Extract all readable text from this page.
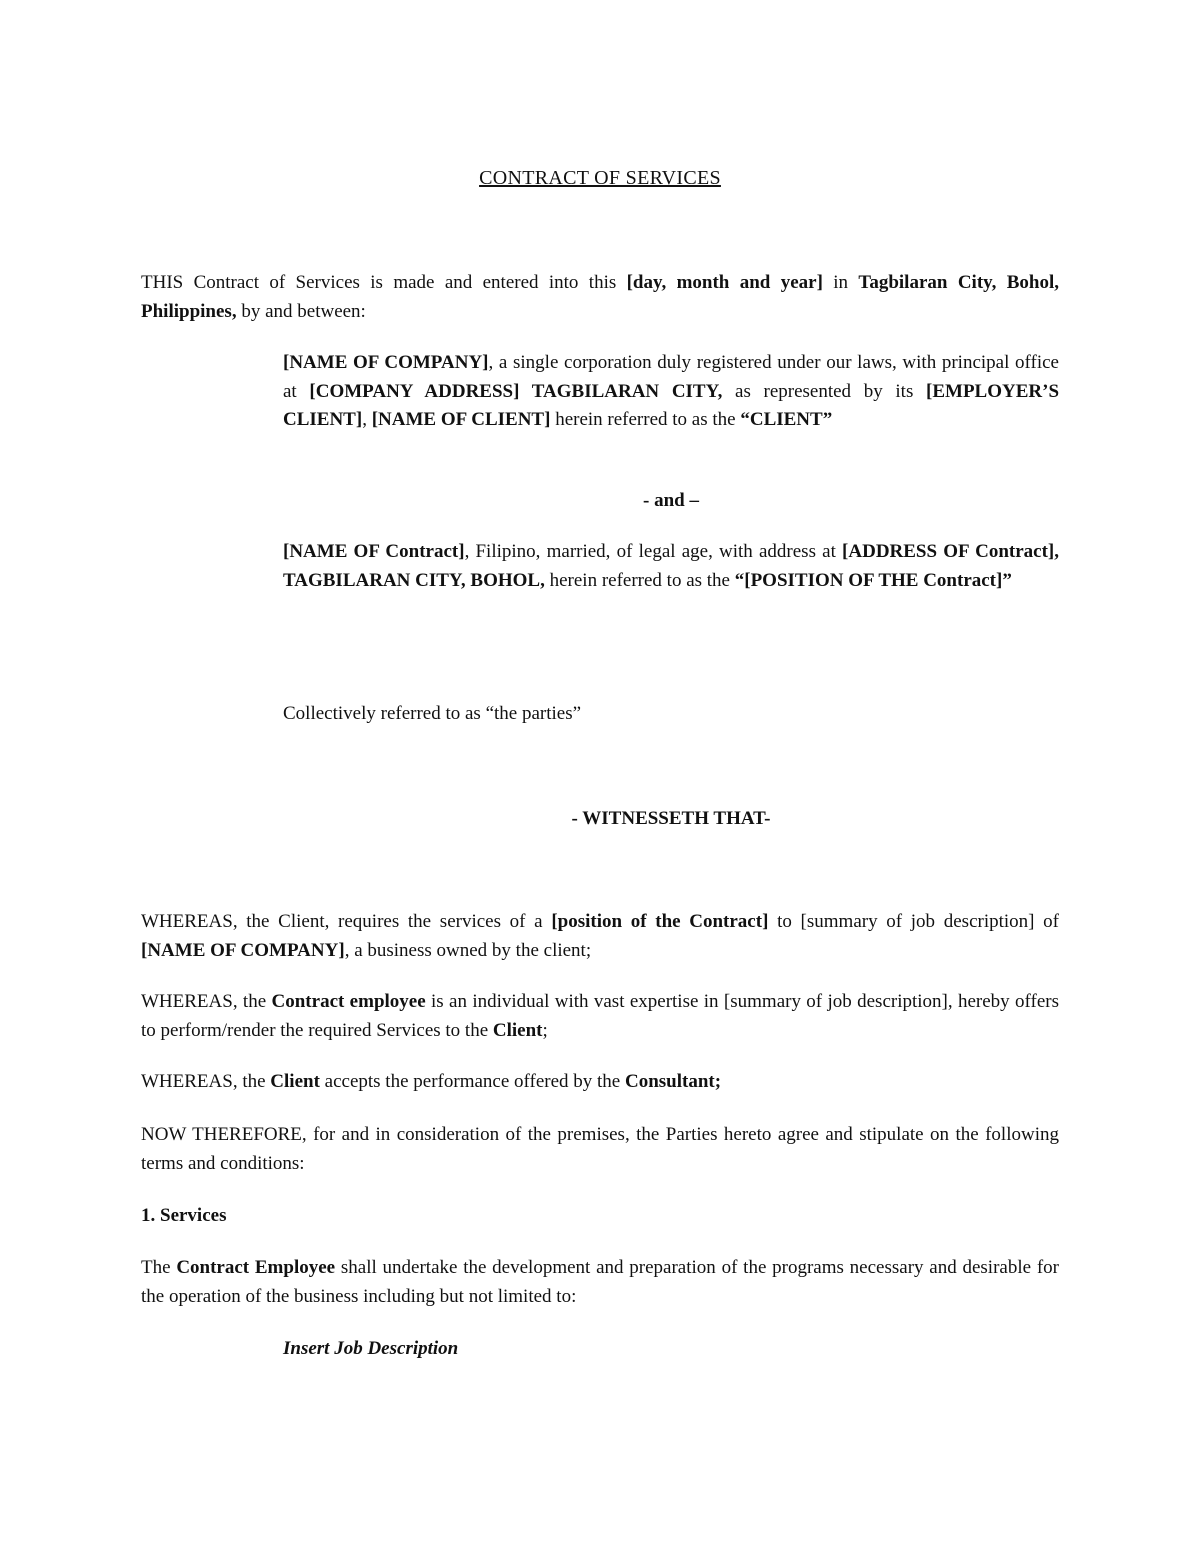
CONTRACT OF SERVICES

THIS Contract of Services is made and entered into this [day, month and year] in Tagbilaran City, Bohol, Philippines, by and between:

[NAME OF COMPANY], a single corporation duly registered under our laws, with principal office at [COMPANY ADDRESS] TAGBILARAN CITY, as represented by its [EMPLOYER’S CLIENT], [NAME OF CLIENT] herein referred to as the “CLIENT”

- and –

[NAME OF Contract], Filipino, married, of legal age, with address at [ADDRESS OF Contract], TAGBILARAN CITY, BOHOL, herein referred to as the “[POSITION OF THE Contract]”

Collectively referred to as “the parties”

- WITNESSETH THAT-

WHEREAS, the Client, requires the services of a [position of the Contract] to [summary of job description] of [NAME OF COMPANY], a business owned by the client;

WHEREAS, the Contract employee is an individual with vast expertise in [summary of job description], hereby offers to perform/render the required Services to the Client;

WHEREAS, the Client accepts the performance offered by the Consultant;

NOW THEREFORE, for and in consideration of the premises, the Parties hereto agree and stipulate on the following terms and conditions:

1. Services

The Contract Employee shall undertake the development and preparation of the programs necessary and desirable for the operation of the business including but not limited to:

Insert Job Description
